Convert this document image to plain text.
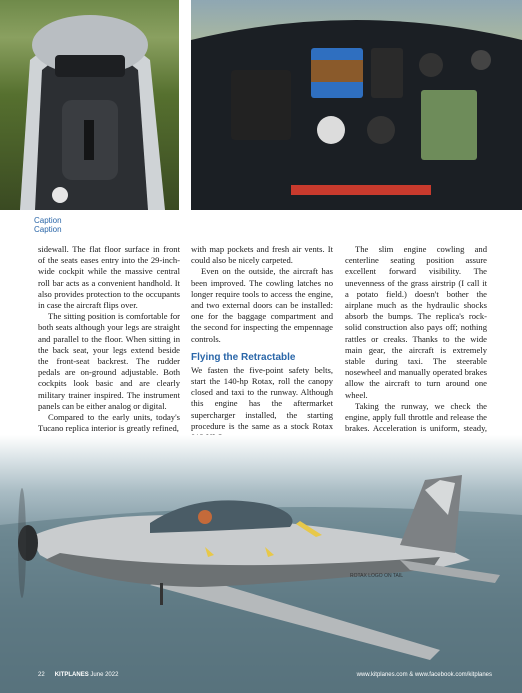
Caption
Caption

sidewall. The flat floor surface in front of the seats eases entry into the 29-inch-wide cockpit while the massive central roll bar acts as a convenient handhold. It also provides protection to the occupants in case the aircraft flips over.

The sitting position is comfortable for both seats although your legs are straight and parallel to the floor. When sitting in the back seat, your legs extend beside the front-seat backrest. The rudder pedals are on-ground adjustable. Both cockpits look basic and are clearly military trainer inspired. The instrument panels can be either analog or digital.

Compared to the early units, today's Tucano replica interior is greatly refined,

with map pockets and fresh air vents. It could also be nicely carpeted.

Even on the outside, the aircraft has been improved. The cowling latches no longer require tools to access the engine, and two external doors can be installed: one for the baggage compartment and the second for inspecting the empennage controls.

Flying the Retractable

We fasten the five-point safety belts, start the 140-hp Rotax, roll the canopy closed and taxi to the runway. Although this engine has the aftermarket supercharger installed, the starting procedure is the same as a stock Rotax

The slim engine cowling and centerline seating position assure excellent forward visibility. The unevenness of the grass airstrip (I call it a potato field.) doesn't bother the airplane much as the hydraulic shocks absorb the bumps. The replica's rock-solid construction also pays off; nothing rattles or creaks. Thanks to the wide main gear, the aircraft is extremely stable during taxi. The steerable nosewheel and manually operated brakes allow the aircraft to turn around one wheel.

Taking the runway, we check the engine, apply full throttle and release the brakes. Acceleration is uniform, steady,

ROTAX LOGO ON TAIL
22 KITPLANES June 2022	www.kitplanes.com & www.facebook.com/kitplanes
